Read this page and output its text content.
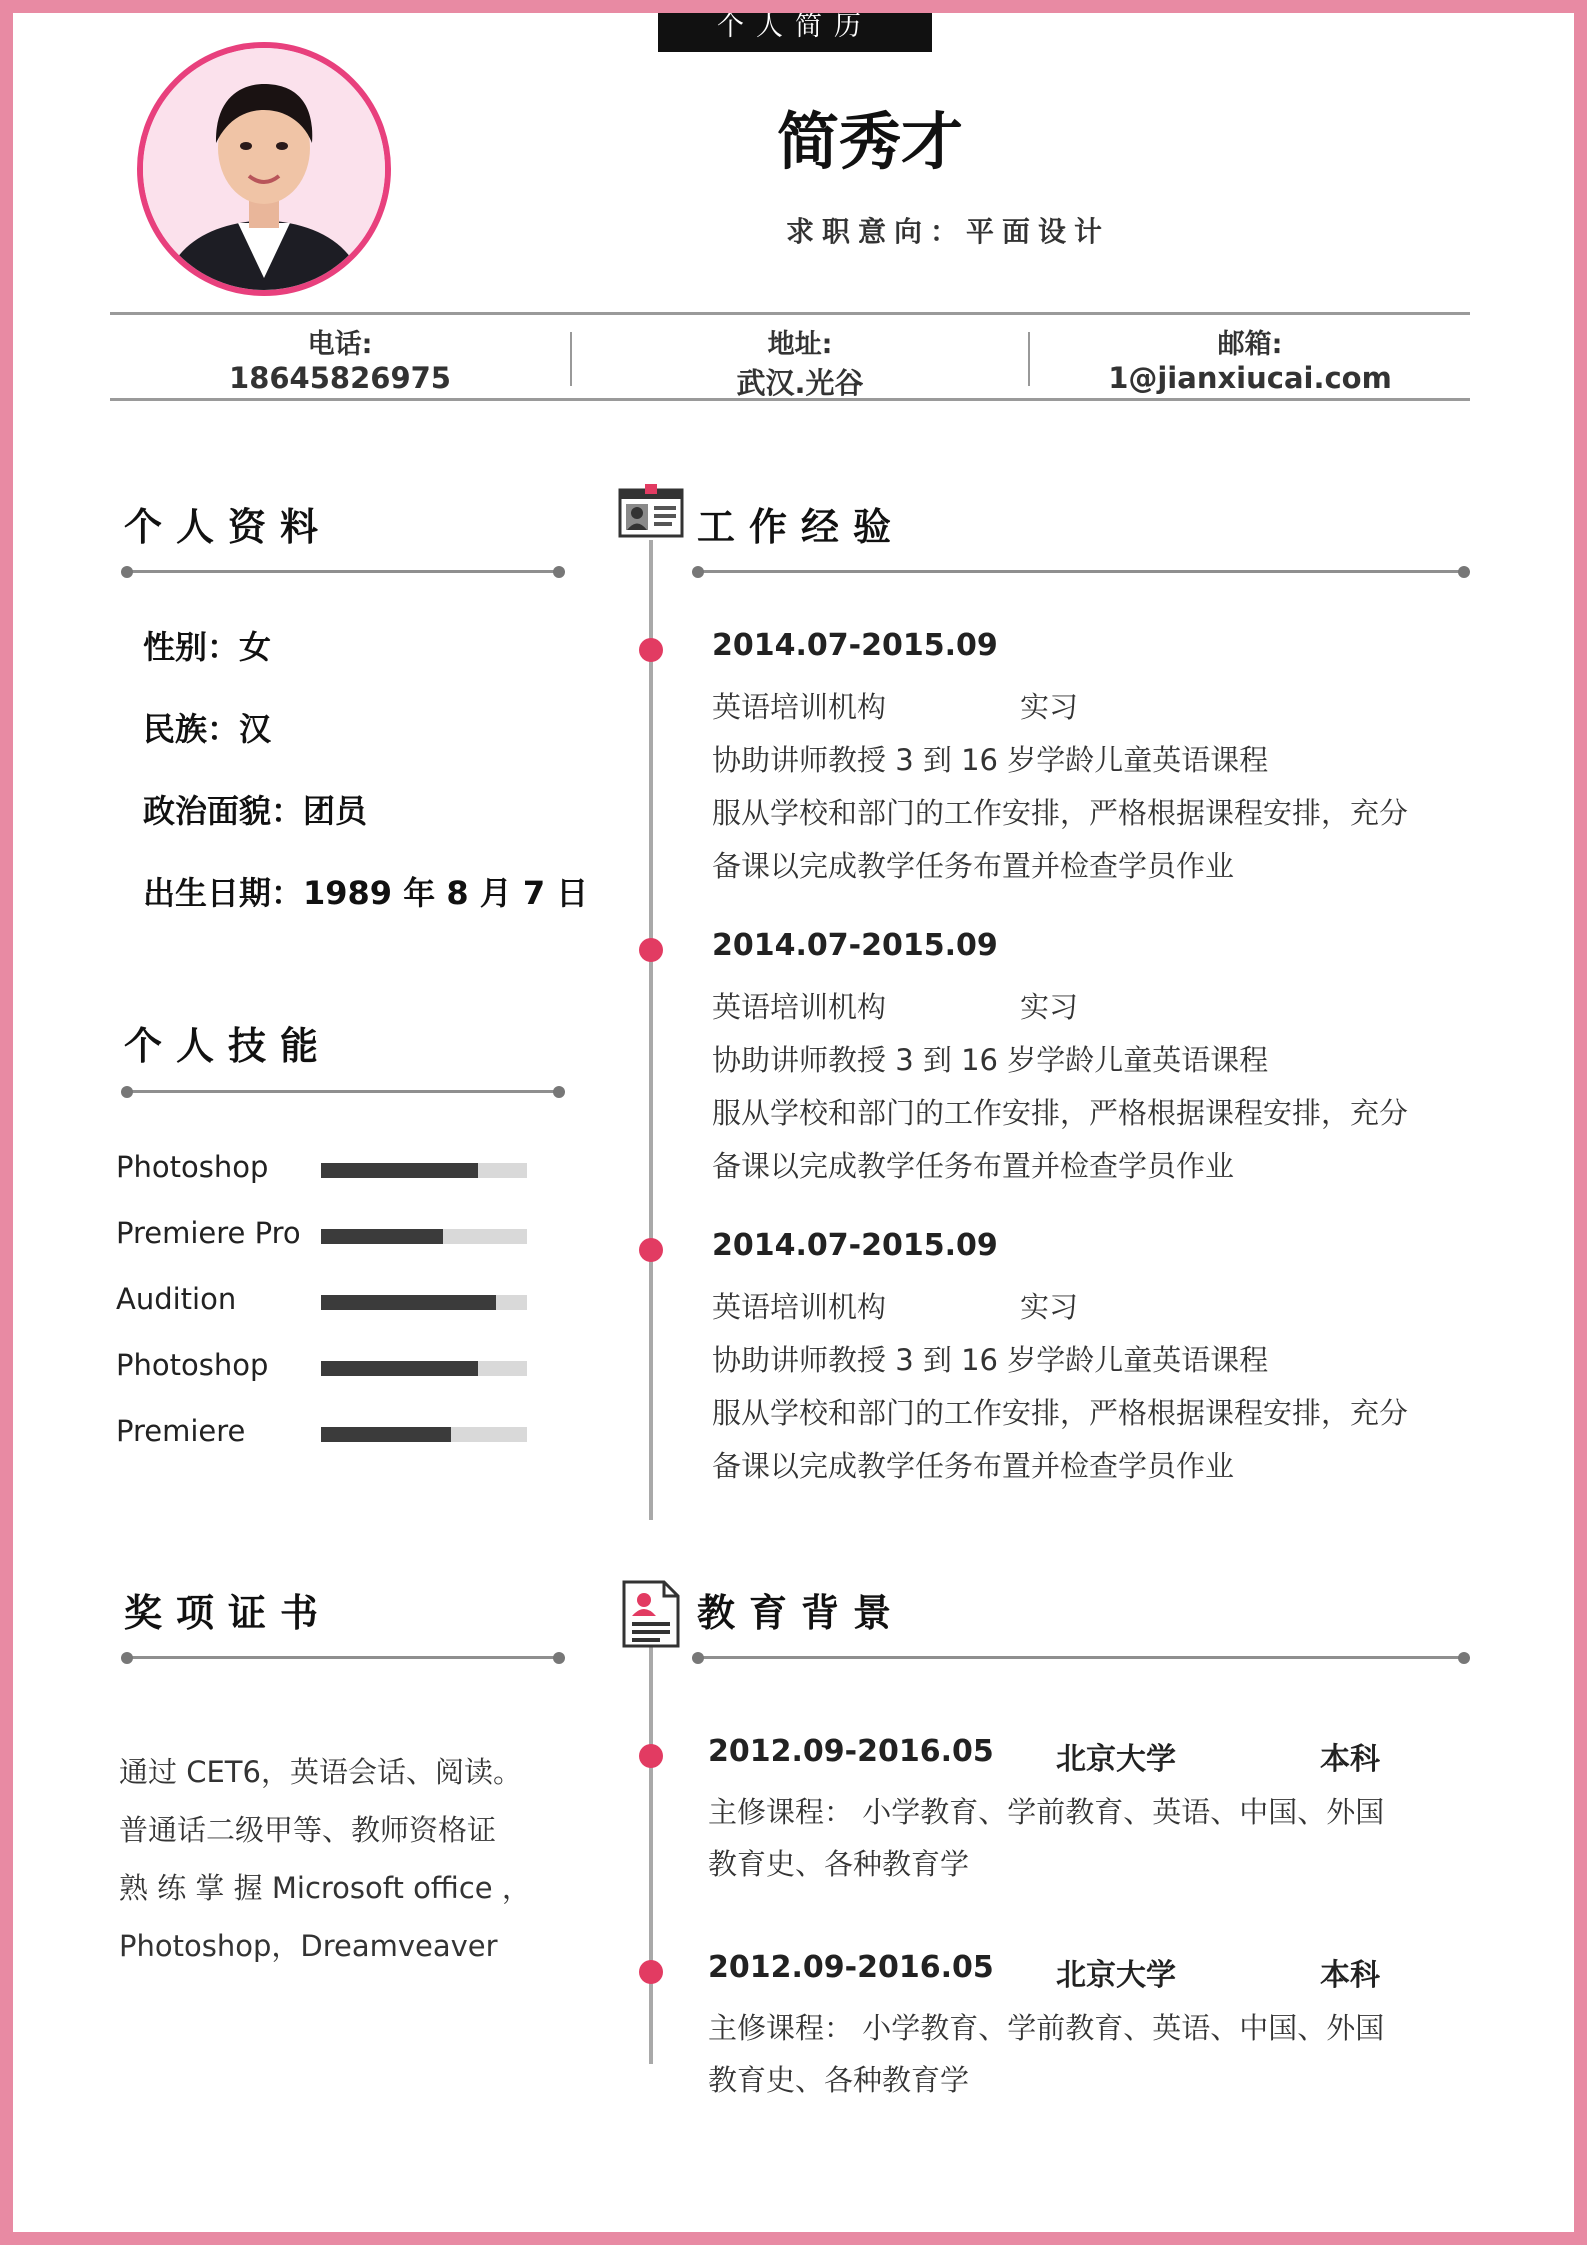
个人简历
简秀才
求职意向：平面设计
电话:
18645826975
地址:
武汉.光谷
邮箱:
1@jianxiucai.com
个人资料
性别：女
民族：汉
政治面貌：团员
出生日期：1989 年 8 月 7 日
个人技能
Photoshop
Premiere Pro
Audition
Photoshop
Premiere
工作经验
2014.07-2015.09
英语培训机构	实习
协助讲师教授 3 到 16 岁学龄儿童英语课程
服从学校和部门的工作安排，严格根据课程安排，充分
备课以完成教学任务布置并检查学员作业
2014.07-2015.09
英语培训机构	实习
协助讲师教授 3 到 16 岁学龄儿童英语课程
服从学校和部门的工作安排，严格根据课程安排，充分
备课以完成教学任务布置并检查学员作业
2014.07-2015.09
英语培训机构	实习
协助讲师教授 3 到 16 岁学龄儿童英语课程
服从学校和部门的工作安排，严格根据课程安排，充分
备课以完成教学任务布置并检查学员作业
奖项证书
通过 CET6，英语会话、阅读。
普通话二级甲等、教师资格证
熟 练 掌 握 Microsoft office ，
Photoshop，Dreamveaver
教育背景
2012.09-2016.05 北京大学	本科
主修课程： 小学教育、学前教育、英语、中国、外国
教育史、各种教育学
2012.09-2016.05 北京大学	本科
主修课程： 小学教育、学前教育、英语、中国、外国
教育史、各种教育学
